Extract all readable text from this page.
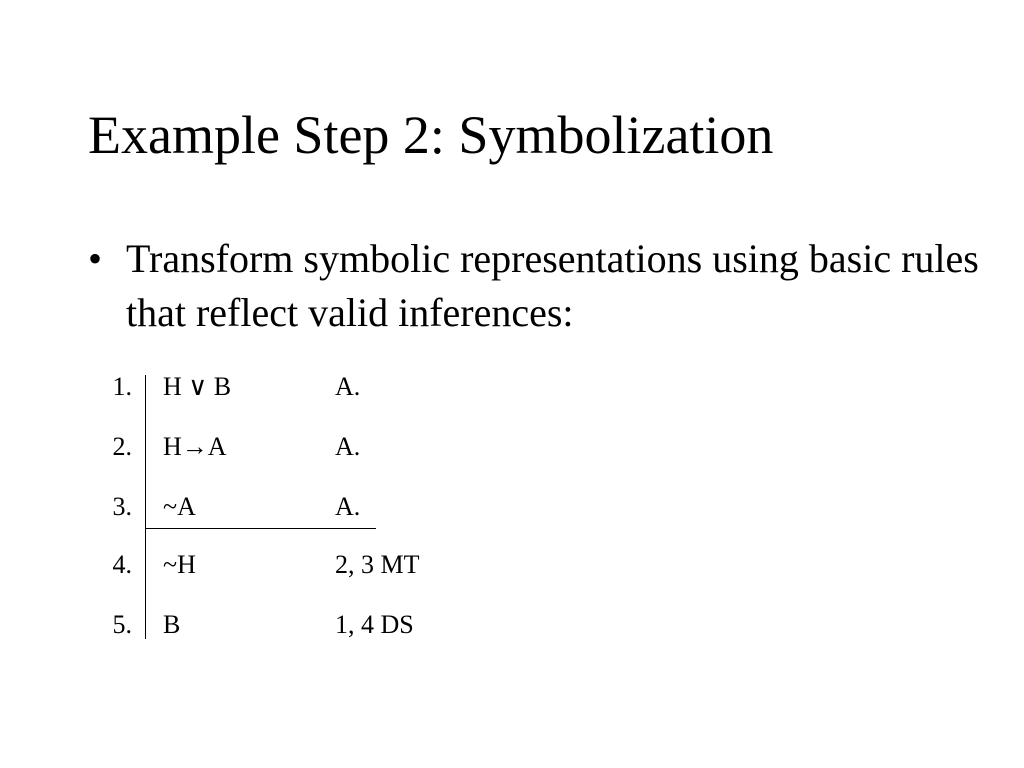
Example Step 2: Symbolization
• Transform symbolic representations using basic rules that reflect valid inferences:
1. H ∨ B	A.
2. H→A	A.
3. ~A	A.
4. ~H	2, 3 MT
5. B	1, 4 DS
